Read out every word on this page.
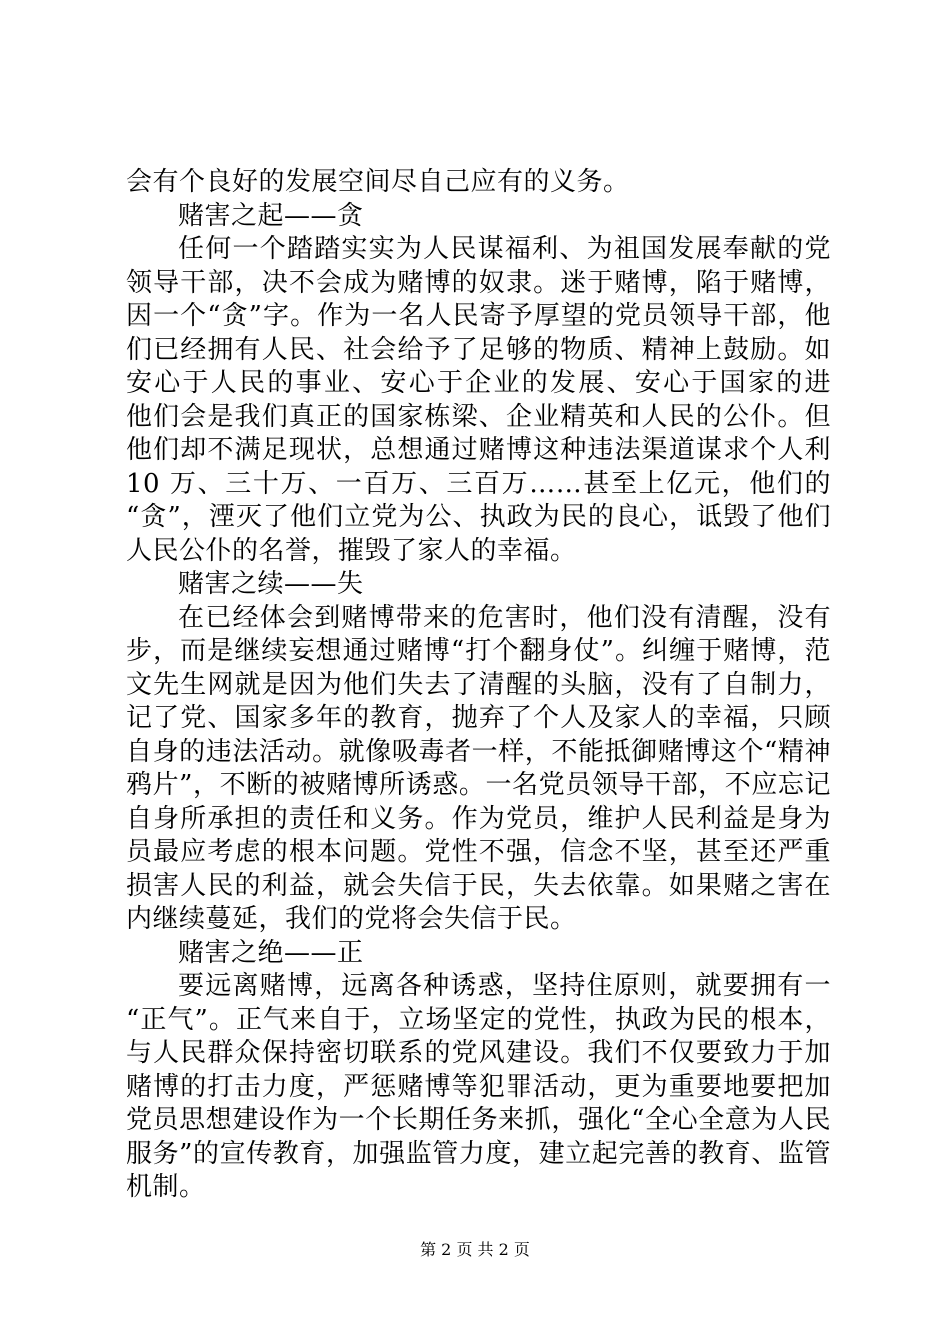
会有个良好的发展空间尽自己应有的义务。
赌害之起——贪
任何一个踏踏实实为人民谋福利、为祖国发展奉献的党
领导干部，决不会成为赌博的奴隶。迷于赌博，陷于赌博，
因一个“贪”字。作为一名人民寄予厚望的党员领导干部，他
们已经拥有人民、社会给予了足够的物质、精神上鼓励。如
安心于人民的事业、安心于企业的发展、安心于国家的进
他们会是我们真正的国家栋梁、企业精英和人民的公仆。但
他们却不满足现状，总想通过赌博这种违法渠道谋求个人利
10 万、三十万、一百万、三百万……甚至上亿元，他们的
“贪”，湮灭了他们立党为公、执政为民的良心，诋毁了他们
人民公仆的名誉，摧毁了家人的幸福。
赌害之续——失
在已经体会到赌博带来的危害时，他们没有清醒，没有
步，而是继续妄想通过赌博“打个翻身仗”。纠缠于赌博，范
文先生网就是因为他们失去了清醒的头脑，没有了自制力，
记了党、国家多年的教育，抛弃了个人及家人的幸福，只顾
自身的违法活动。就像吸毒者一样，不能抵御赌博这个“精神
鸦片”，不断的被赌博所诱惑。一名党员领导干部，不应忘记
自身所承担的责任和义务。作为党员，维护人民利益是身为
员最应考虑的根本问题。党性不强，信念不坚，甚至还严重
损害人民的利益，就会失信于民，失去依靠。如果赌之害在
内继续蔓延，我们的党将会失信于民。
赌害之绝——正
要远离赌博，远离各种诱惑，坚持住原则，就要拥有一
“正气”。正气来自于，立场坚定的党性，执政为民的根本，
与人民群众保持密切联系的党风建设。我们不仅要致力于加
赌博的打击力度，严惩赌博等犯罪活动，更为重要地要把加
党员思想建设作为一个长期任务来抓，强化“全心全意为人民
服务”的宣传教育，加强监管力度，建立起完善的教育、监管
机制。
第 2 页 共 2 页
